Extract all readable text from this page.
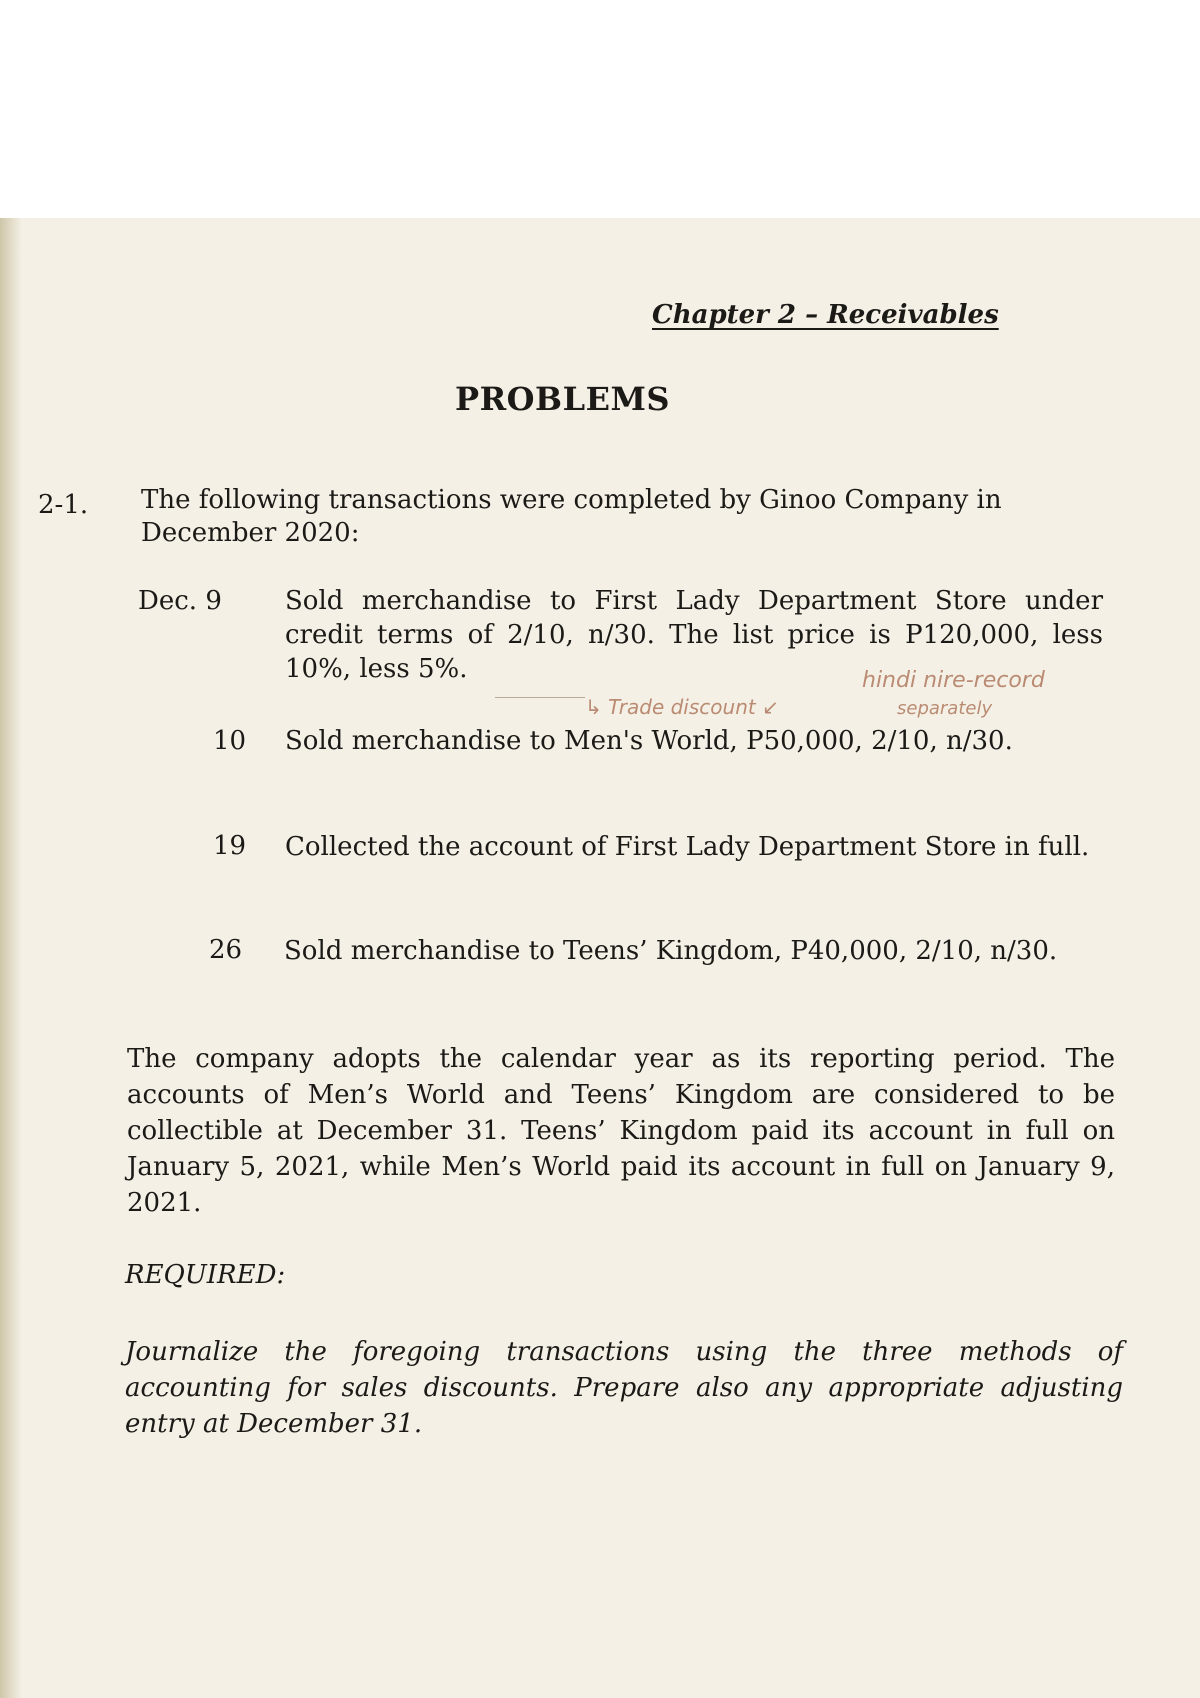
Chapter 2 – Receivables
PROBLEMS
2-1. The following transactions were completed by Ginoo Company in December 2020:
Dec. 9 Sold merchandise to First Lady Department Store under credit terms of 2/10, n/30. The list price is P120,000, less 10%, less 5%.	hindi nire-record
separately
↳ Trade discount ↙
10 Sold merchandise to Men's World, P50,000, 2/10, n/30.
19 Collected the account of First Lady Department Store in full.
26 Sold merchandise to Teens’ Kingdom, P40,000, 2/10, n/30.
The company adopts the calendar year as its reporting period. The accounts of Men’s World and Teens’ Kingdom are considered to be collectible at December 31. Teens’ Kingdom paid its account in full on January 5, 2021, while Men’s World paid its account in full on January 9, 2021.
REQUIRED:
Journalize the foregoing transactions using the three methods of accounting for sales discounts. Prepare also any appropriate adjusting entry at December 31.
